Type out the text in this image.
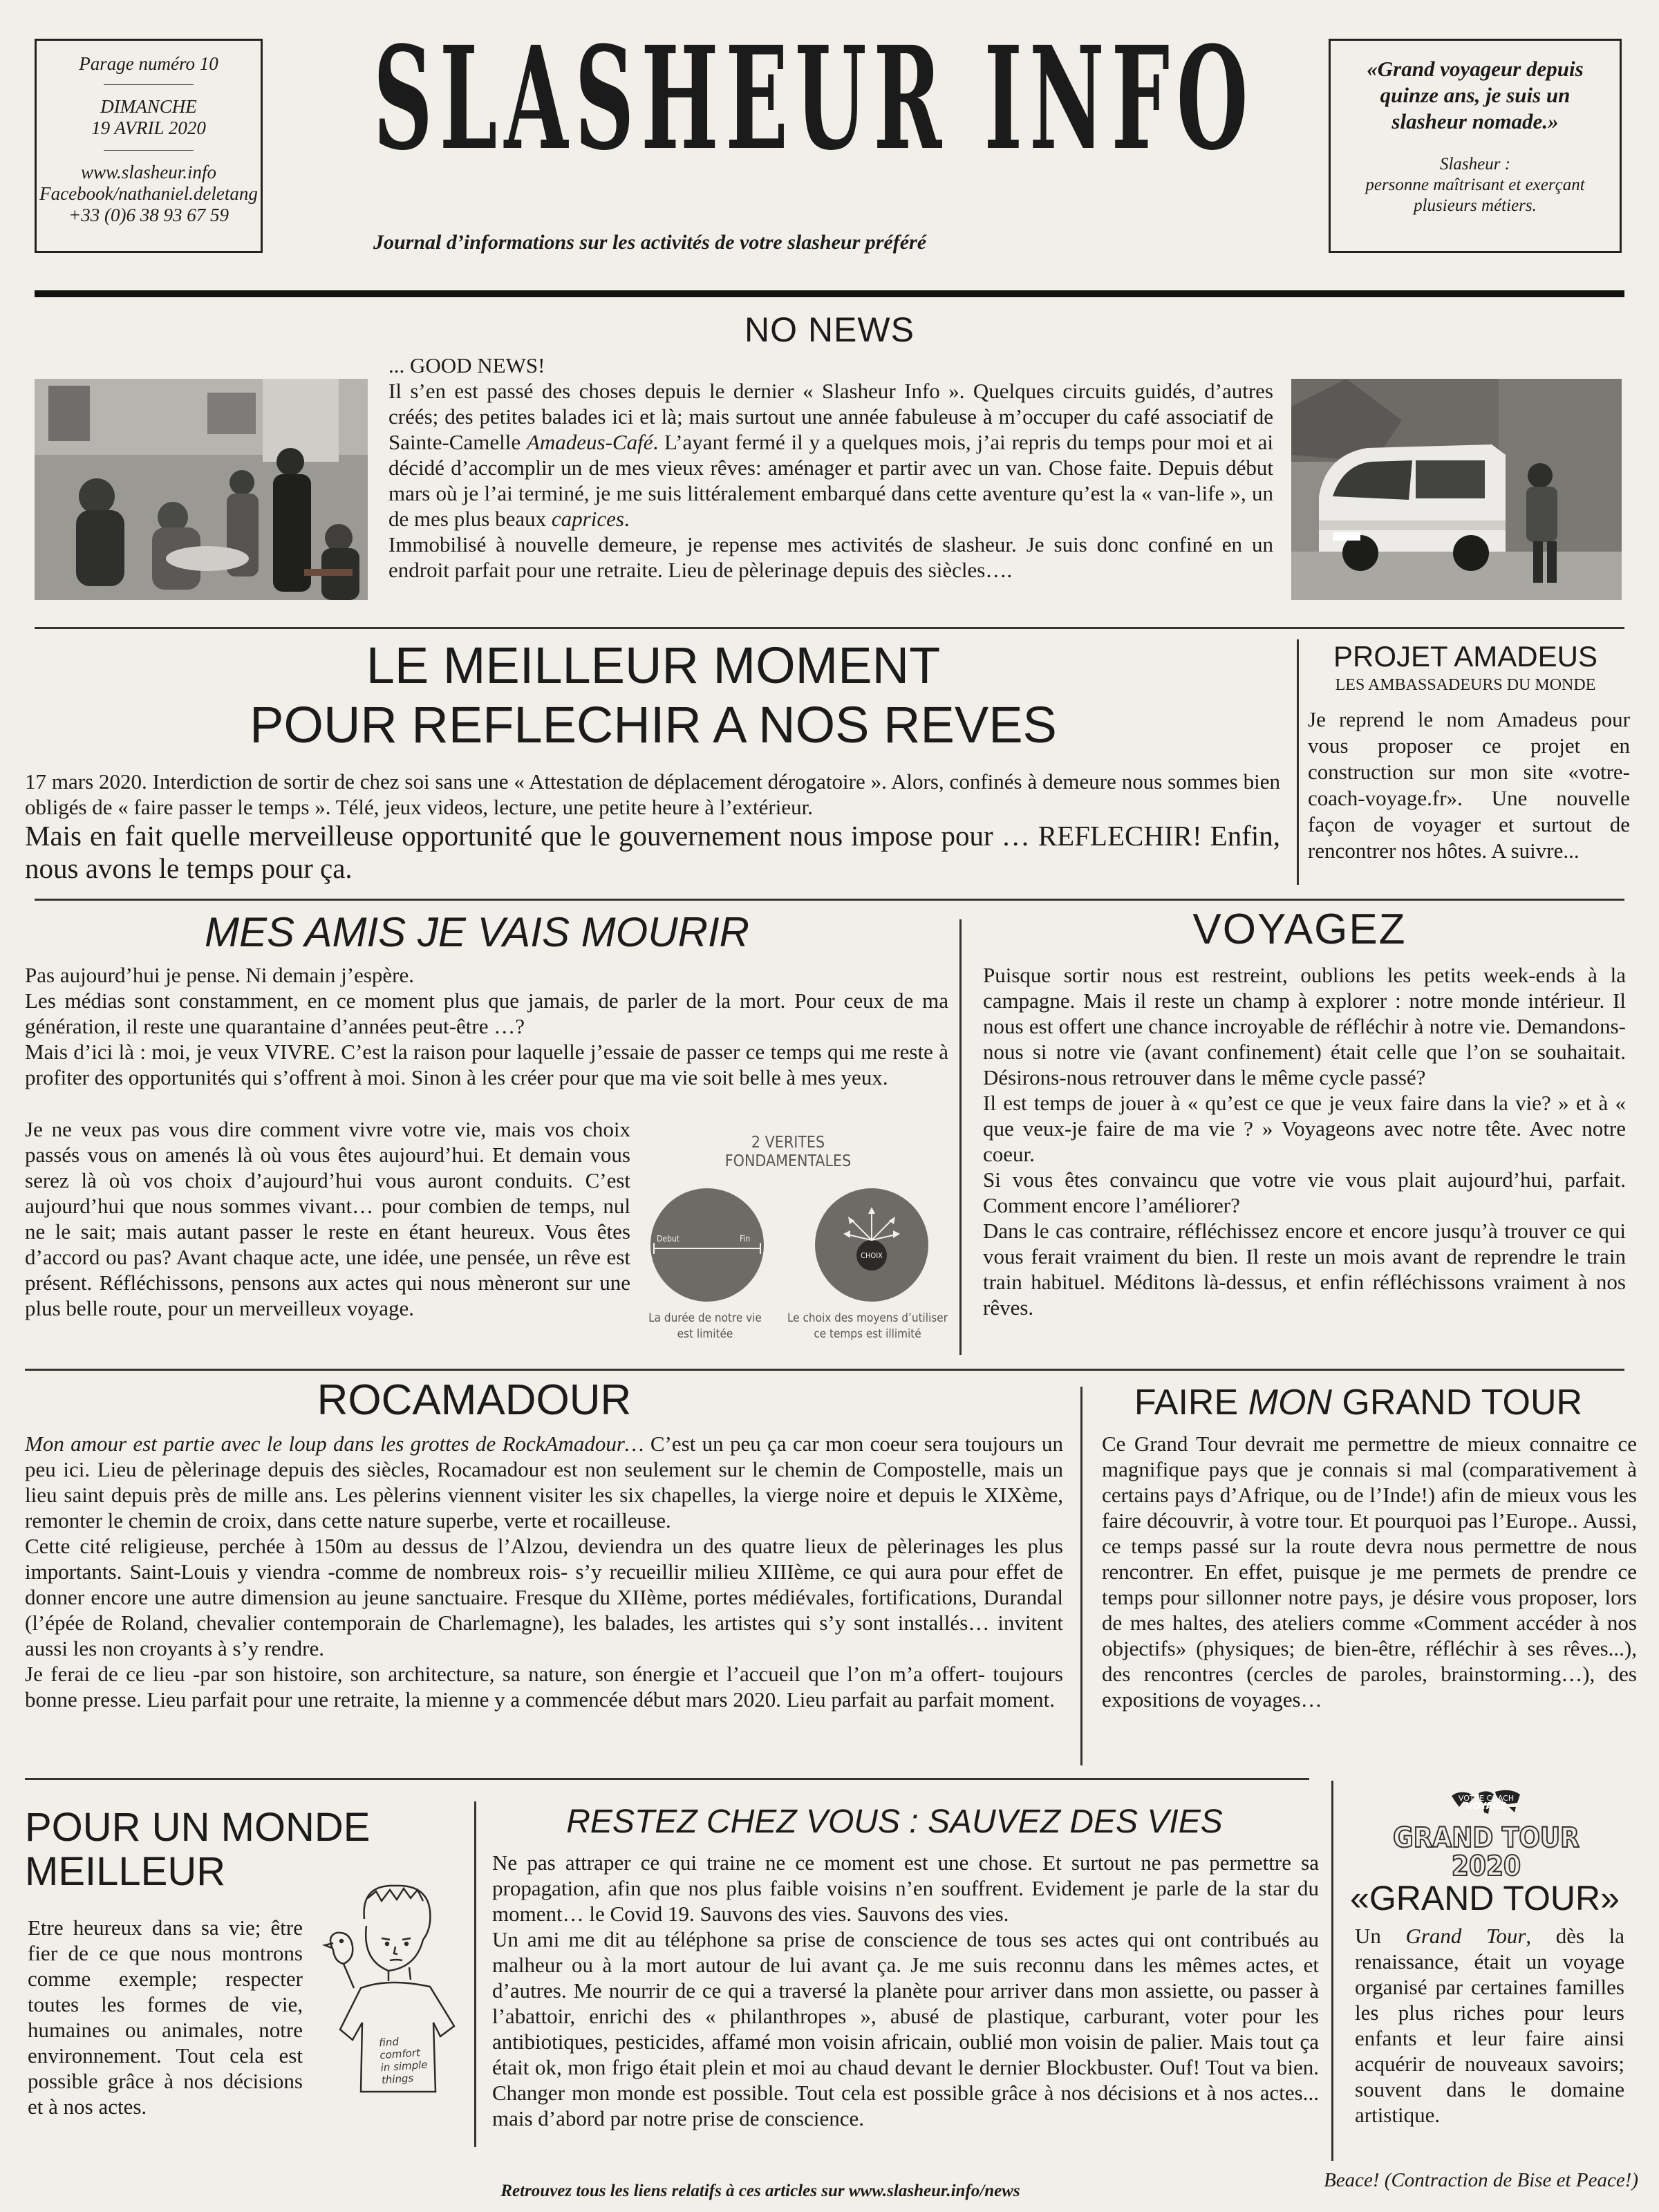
Parage numéro 10
DIMANCHE
19 AVRIL 2020
www.slasheur.info
Facebook/nathaniel.deletang
+33 (0)6 38 93 67 59
SLASHEUR INFO
Journal d’informations sur les activités de votre slasheur préféré
«Grand voyageur depuis quinze ans, je suis un slasheur nomade.»
Slasheur :
personne maîtrisant et exerçant plusieurs métiers.
NO NEWS

... GOOD NEWS!

Il s’en est passé des choses depuis le dernier « Slasheur Info ». Quelques circuits guidés, d’autres créés; des petites balades ici et là; mais surtout une année fabuleuse à m’occuper du café associatif de Sainte-Camelle Amadeus-Café. L’ayant fermé il y a quelques mois, j’ai repris du temps pour moi et ai décidé d’accomplir un de mes vieux rêves: aménager et partir avec un van. Chose faite. Depuis début mars où je l’ai terminé, je me suis littéralement embarqué dans cette aventure qu’est la « van-life », un de mes plus beaux caprices.

Immobilisé à nouvelle demeure, je repense mes activités de slasheur. Je suis donc confiné en un endroit parfait pour une retraite. Lieu de pèlerinage depuis des siècles….

LE MEILLEUR MOMENT
POUR REFLECHIR A NOS REVES

17 mars 2020. Interdiction de sortir de chez soi sans une « Attestation de déplacement dérogatoire ». Alors, confinés à demeure nous sommes bien obligés de « faire passer le temps ». Télé, jeux videos, lecture, une petite heure à l’extérieur.

Mais en fait quelle merveilleuse opportunité que le gouvernement nous impose pour … REFLECHIR! Enfin, nous avons le temps pour ça.

PROJET AMADEUS
LES AMBASSADEURS DU MONDE
Je reprend le nom Amadeus pour vous proposer ce projet en construction sur mon site «votre-coach-voyage.fr». Une nouvelle façon de voyager et surtout de rencontrer nos hôtes. A suivre...
MES AMIS JE VAIS MOURIR

Pas aujourd’hui je pense. Ni demain j’espère.

Les médias sont constamment, en ce moment plus que jamais, de parler de la mort. Pour ceux de ma génération, il reste une quarantaine d’années peut-être …?

Mais d’ici là : moi, je veux VIVRE. C’est la raison pour laquelle j’essaie de passer ce temps qui me reste à profiter des opportunités qui s’offrent à moi. Sinon à les créer pour que ma vie soit belle à mes yeux.

Je ne veux pas vous dire comment vivre votre vie, mais vos choix passés vous on amenés là où vous êtes aujourd’hui. Et demain vous serez là où vos choix d’aujourd’hui vous auront conduits. C’est aujourd’hui que nous sommes vivant… pour combien de temps, nul ne le sait; mais autant passer le reste en étant heureux. Vous êtes d’accord ou pas? Avant chaque acte, une idée, une pensée, un rêve est présent. Réfléchissons, pensons aux actes qui nous mèneront sur une plus belle route, pour un merveilleux voyage.
2 VERITES
FONDAMENTALES
Debut	Fin
CHOIX
La durée de notre vie
est limitée
Le choix des moyens d’utiliser
ce temps est illimité
VOYAGEZ

Puisque sortir nous est restreint, oublions les petits week-ends à la campagne. Mais il reste un champ à explorer : notre monde intérieur. Il nous est offert une chance incroyable de réfléchir à notre vie. Demandons-nous si notre vie (avant confinement) était celle que l’on se souhaitait. Désirons-nous retrouver dans le même cycle passé?

Il est temps de jouer à « qu’est ce que je veux faire dans la vie? » et à « que veux-je faire de ma vie ? » Voyageons avec notre tête. Avec notre coeur.

Si vous êtes convaincu que votre vie vous plait aujourd’hui, parfait. Comment encore l’améliorer?

Dans le cas contraire, réfléchissez encore et encore jusqu’à trouver ce qui vous ferait vraiment du bien. Il reste un mois avant de reprendre le train train habituel. Méditons là-dessus, et enfin réfléchissons vraiment à nos rêves.

ROCAMADOUR

Mon amour est partie avec le loup dans les grottes de RockAmadour… C’est un peu ça car mon coeur sera toujours un peu ici. Lieu de pèlerinage depuis des siècles, Rocamadour est non seulement sur le chemin de Compostelle, mais un lieu saint depuis près de mille ans. Les pèlerins viennent visiter les six chapelles, la vierge noire et depuis le XIXème, remonter le chemin de croix, dans cette nature superbe, verte et rocailleuse.

Cette cité religieuse, perchée à 150m au dessus de l’Alzou, deviendra un des quatre lieux de pèlerinages les plus importants. Saint-Louis y viendra -comme de nombreux rois- s’y recueillir milieu XIIIème, ce qui aura pour effet de donner encore une autre dimension au jeune sanctuaire. Fresque du XIIème, portes médiévales, fortifications, Durandal (l’épée de Roland, chevalier contemporain de Charlemagne), les balades, les artistes qui s’y sont installés… invitent aussi les non croyants à s’y rendre.

Je ferai de ce lieu -par son histoire, son architecture, sa nature, son énergie et l’accueil que l’on m’a offert- toujours bonne presse. Lieu parfait pour une retraite, la mienne y a commencée début mars 2020. Lieu parfait au parfait moment.

FAIRE MON GRAND TOUR
Ce Grand Tour devrait me permettre de mieux connaitre ce magnifique pays que je connais si mal (comparativement à certains pays d’Afrique, ou de l’Inde!) afin de mieux vous les faire découvrir, à votre tour. Et pourquoi pas l’Europe.. Aussi, ce temps passé sur la route devra nous permettre de nous rencontrer. En effet, puisque je me permets de prendre ce temps pour sillonner notre pays, je désire vous proposer, lors de mes haltes, des ateliers comme «Comment accéder à nos objectifs» (physiques; de bien-être, réfléchir à ses rêves...), des rencontres (cercles de paroles, brainstorming…), des expositions de voyages…
POUR UN MONDE
MEILLEUR
Etre heureux dans sa vie; être fier de ce que nous montrons comme exemple; respecter toutes les formes de vie, humaines ou animales, notre environnement. Tout cela est possible grâce à nos décisions et à nos actes.
find
comfort
in simple
things
RESTEZ CHEZ VOUS : SAUVEZ DES VIES

Ne pas attraper ce qui traine ne ce moment est une chose. Et surtout ne pas permettre sa propagation, afin que nos plus faible voisins n’en souffrent. Evidement je parle de la star du moment… le Covid 19. Sauvons des vies. Sauvons des vies.

Un ami me dit au téléphone sa prise de conscience de tous ses actes qui ont contribués au malheur ou à la mort autour de lui avant ça. Je me suis reconnu dans les mêmes actes, et d’autres. Me nourrir de ce qui a traversé la planète pour arriver dans mon assiette, ou passer à l’abattoir, enrichi des « philanthropes », abusé de plastique, carburant, voter pour les antibiotiques, pesticides, affamé mon voisin africain, oublié mon voisin de palier. Mais tout ça était ok, mon frigo était plein et moi au chaud devant le dernier Blockbuster. Ouf! Tout va bien. Changer mon monde est possible. Tout cela est possible grâce à nos décisions et à nos actes... mais d’abord par notre prise de conscience.

VOTRE COACH
VOYAGE
GRAND TOUR
2020
«GRAND TOUR»
Un Grand Tour, dès la renaissance, était un voyage organisé par certaines familles les plus riches pour leurs enfants et leur faire ainsi acquérir de nouveaux savoirs; souvent dans le domaine artistique.
Retrouvez tous les liens relatifs à ces articles sur www.slasheur.info/news	Beace! (Contraction de Bise et Peace!)
